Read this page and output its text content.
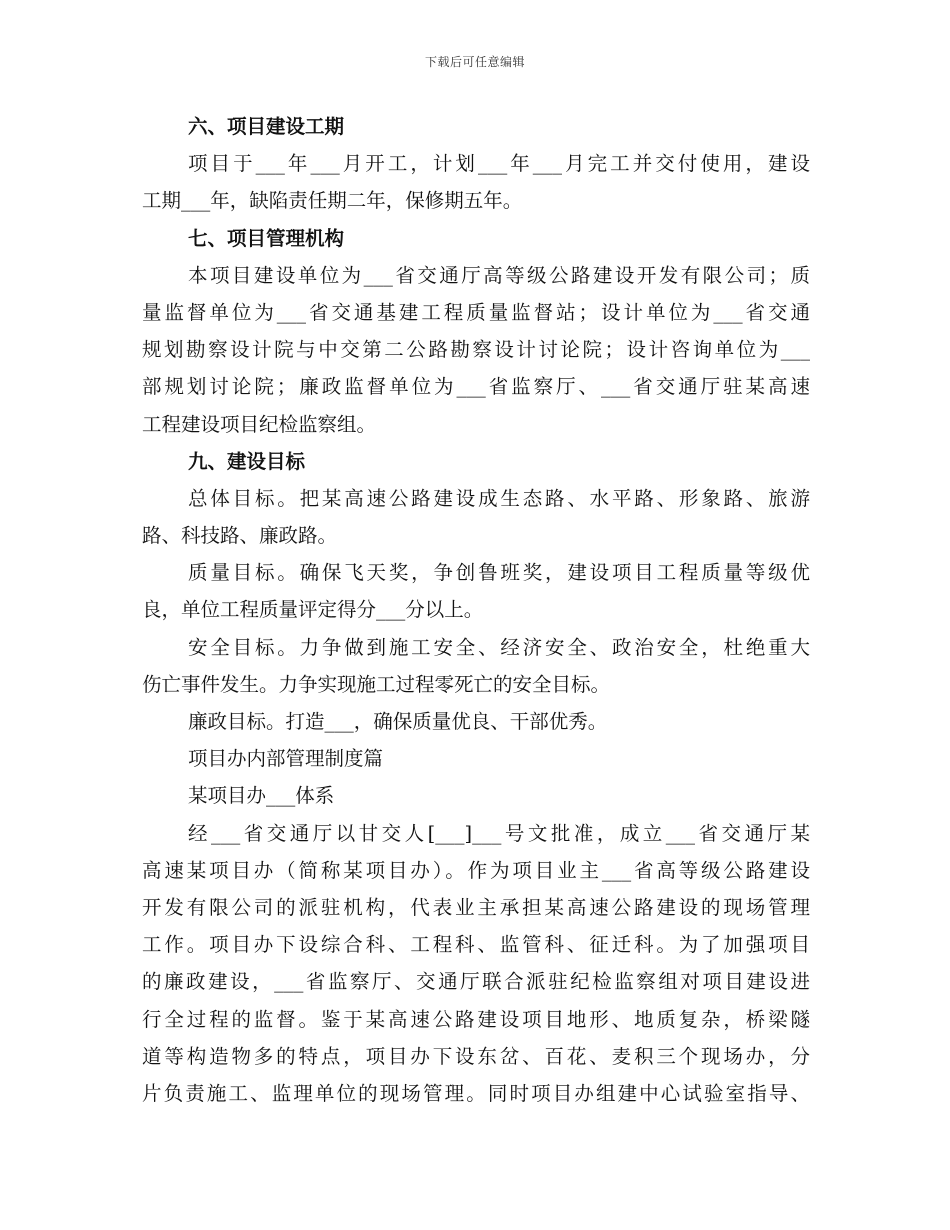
下载后可任意编辑
六、项目建设工期
项目于___年___月开工，计划___年___月完工并交付使用，建设
工期___年，缺陷责任期二年，保修期五年。
七、项目管理机构
本项目建设单位为___省交通厅高等级公路建设开发有限公司；质
量监督单位为___省交通基建工程质量监督站；设计单位为___省交通
规划勘察设计院与中交第二公路勘察设计讨论院；设计咨询单位为___
部规划讨论院；廉政监督单位为___省监察厅、___省交通厅驻某高速
工程建设项目纪检监察组。
九、建设目标
总体目标。把某高速公路建设成生态路、水平路、形象路、旅游
路、科技路、廉政路。
质量目标。确保飞天奖，争创鲁班奖，建设项目工程质量等级优
良，单位工程质量评定得分___分以上。
安全目标。力争做到施工安全、经济安全、政治安全，杜绝重大
伤亡事件发生。力争实现施工过程零死亡的安全目标。
廉政目标。打造___，确保质量优良、干部优秀。
项目办内部管理制度篇
某项目办___体系
经___省交通厅以甘交人[___]___号文批准，成立___省交通厅某
高速某项目办（简称某项目办）。作为项目业主___省高等级公路建设
开发有限公司的派驻机构，代表业主承担某高速公路建设的现场管理
工作。项目办下设综合科、工程科、监管科、征迁科。为了加强项目
的廉政建设，___省监察厅、交通厅联合派驻纪检监察组对项目建设进
行全过程的监督。鉴于某高速公路建设项目地形、地质复杂，桥梁隧
道等构造物多的特点，项目办下设东岔、百花、麦积三个现场办，分
片负责施工、监理单位的现场管理。同时项目办组建中心试验室指导、
